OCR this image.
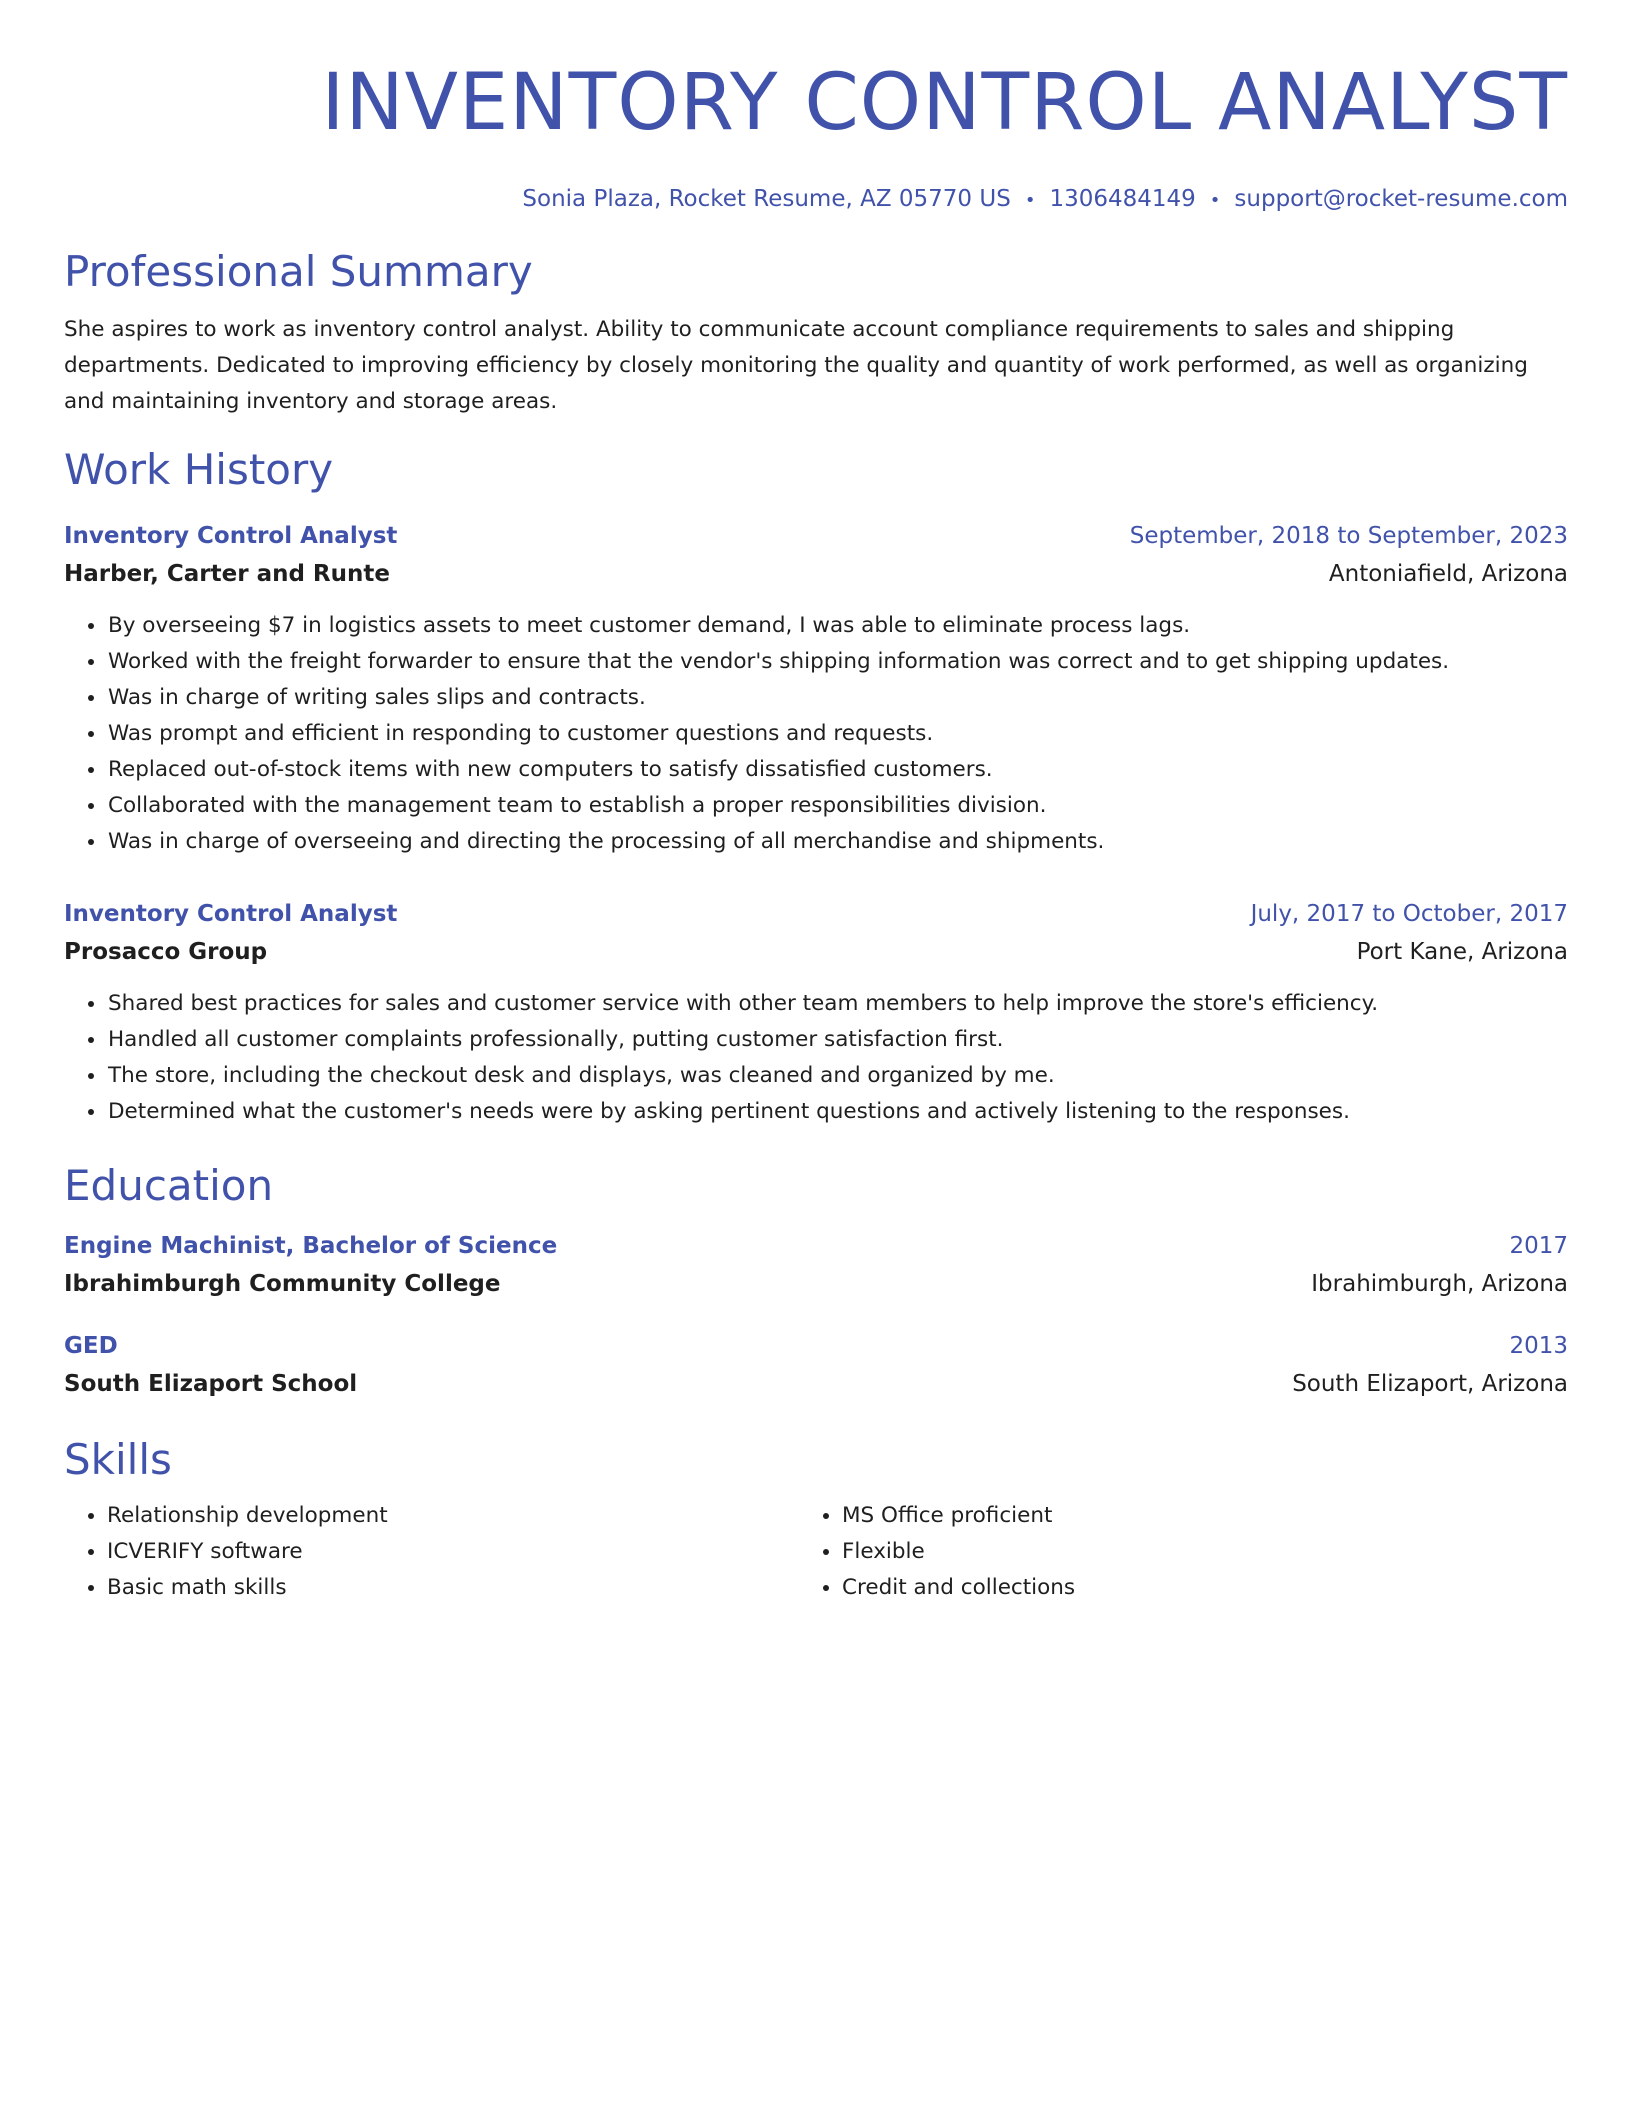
INVENTORY CONTROL ANALYST
Sonia Plaza, Rocket Resume, AZ 05770 US • 1306484149 • support@rocket-resume.com
Professional Summary
She aspires to work as inventory control analyst. Ability to communicate account compliance requirements to sales and shipping departments. Dedicated to improving efficiency by closely monitoring the quality and quantity of work performed, as well as organizing and maintaining inventory and storage areas.
Work History
Inventory Control Analyst	September, 2018 to September, 2023
Harber, Carter and Runte	Antoniafield, Arizona
• By overseeing $7 in logistics assets to meet customer demand, I was able to eliminate process lags.
• Worked with the freight forwarder to ensure that the vendor's shipping information was correct and to get shipping updates.
• Was in charge of writing sales slips and contracts.
• Was prompt and efficient in responding to customer questions and requests.
• Replaced out-of-stock items with new computers to satisfy dissatisfied customers.
• Collaborated with the management team to establish a proper responsibilities division.
• Was in charge of overseeing and directing the processing of all merchandise and shipments.
Inventory Control Analyst	July, 2017 to October, 2017
Prosacco Group	Port Kane, Arizona
• Shared best practices for sales and customer service with other team members to help improve the store's efficiency.
• Handled all customer complaints professionally, putting customer satisfaction first.
• The store, including the checkout desk and displays, was cleaned and organized by me.
• Determined what the customer's needs were by asking pertinent questions and actively listening to the responses.
Education
Engine Machinist, Bachelor of Science	2017
Ibrahimburgh Community College	Ibrahimburgh, Arizona
GED	2013
South Elizaport School	South Elizaport, Arizona
Skills
• Relationship development
• ICVERIFY software
• Basic math skills
• MS Office proficient
• Flexible
• Credit and collections
